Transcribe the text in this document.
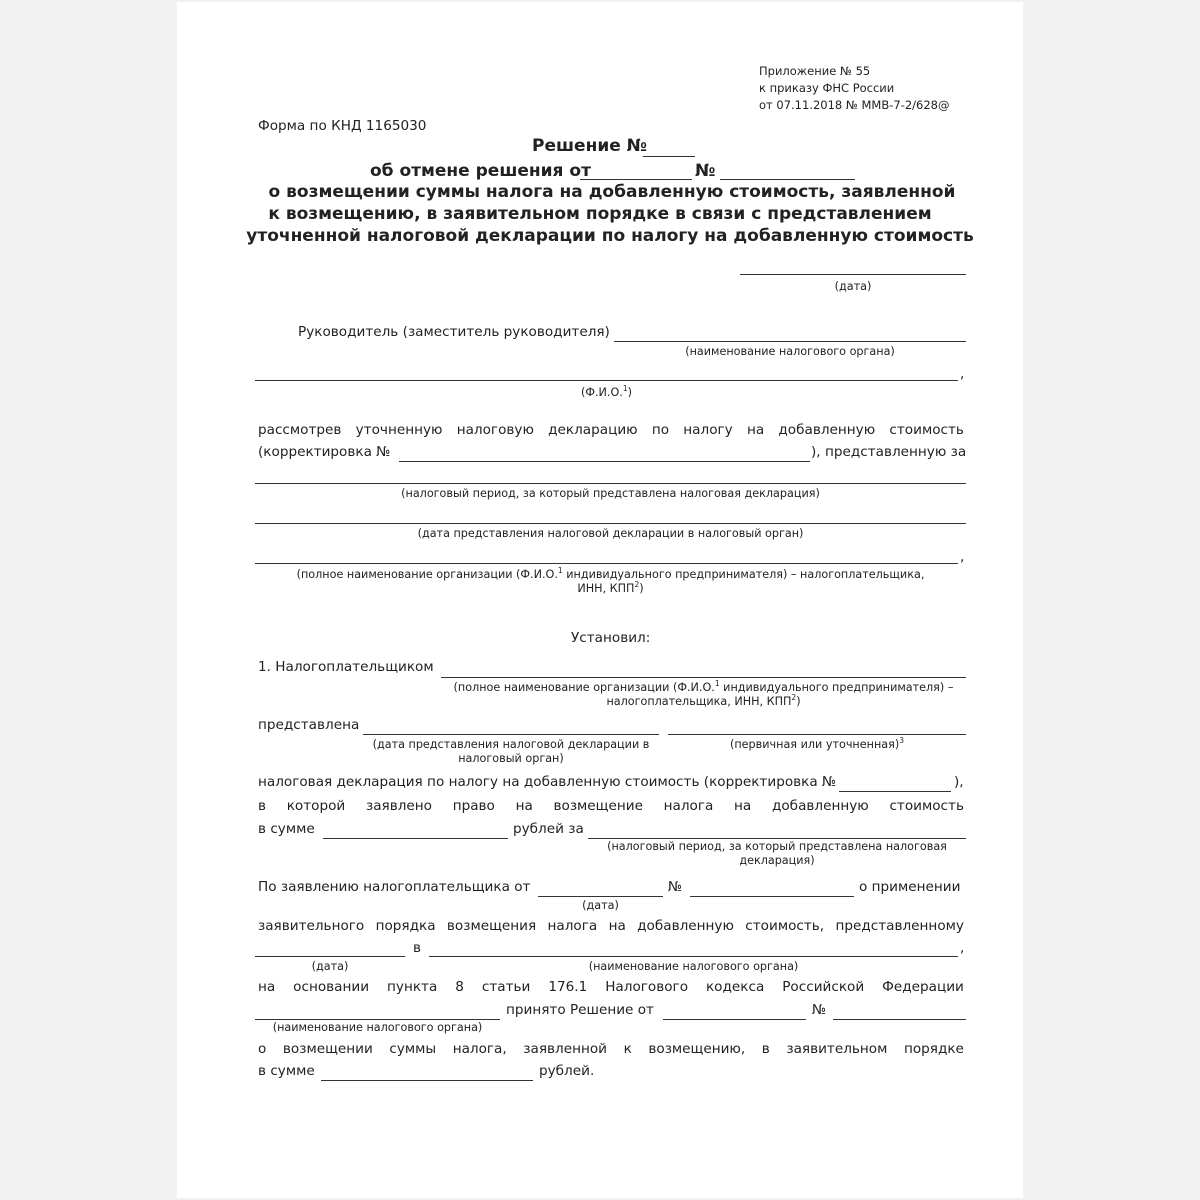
Приложение № 55
к приказу ФНС России
от 07.11.2018 № ММВ-7-2/628@
Форма по КНД 1165030
Решение №
об отмене решения от	№
о возмещении суммы налога на добавленную стоимость, заявленной
к возмещению, в заявительном порядке в связи с представлением
уточненной налоговой декларации по налогу на добавленную стоимость
(дата)
Руководитель (заместитель руководителя)
(наименование налогового органа)
,
(Ф.И.О.$^1$)
рассмотрев уточненную налоговую декларацию по налогу на добавленную стоимость
(корректировка №	), представленную за
(налоговый период, за который представлена налоговая декларация)
(дата представления налоговой декларации в налоговый орган)
,
(полное наименование организации (Ф.И.О.$^1$ индивидуального предпринимателя) – налогоплательщика,
ИНН, КПП$^2$)
Установил:
1. Налогоплательщиком
(полное наименование организации (Ф.И.О.$^1$ индивидуального предпринимателя) –
налогоплательщика, ИНН, КПП$^2$)
представлена
(дата представления налоговой декларации в
налоговый орган)
(первичная или уточненная)$^3$
налоговая декларация по налогу на добавленную стоимость (корректировка №	),
в которой заявлено право на возмещение налога на добавленную стоимость
в сумме	рублей за
(налоговый период, за который представлена налоговая
декларация)
По заявлению налогоплательщика от
(дата)
№	о применении
заявительного порядка возмещения налога на добавленную стоимость, представленному
(дата)
в	,
(наименование налогового органа)
на основании пункта 8 статьи 176.1 Налогового кодекса Российской Федерации
(наименование налогового органа)
принято Решение от	№
о возмещении суммы налога, заявленной к возмещению, в заявительном порядке
в сумме	рублей.
